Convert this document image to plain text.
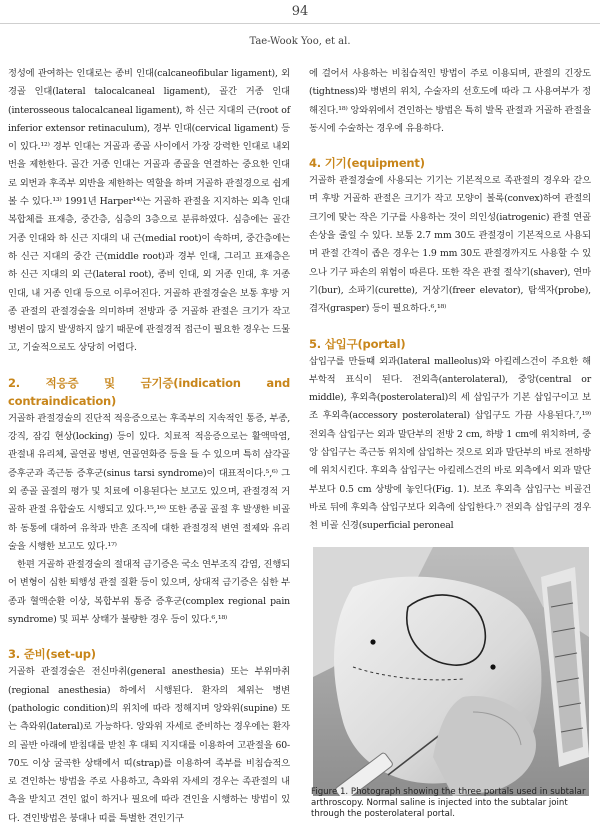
94
Tae-Wook Yoo, et al.

정성에 관여하는 인대로는 종비 인대(calcaneofibular ligament), 외경골 인대(lateral talocalcaneal ligament), 골간 거종 인대(interosseous talocalcaneal ligament), 하 신근 지대의 근(root of inferior extensor retinaculum), 경부 인대(cervical ligament) 등이 있다.¹²⁾ 경부 인대는 거골과 종골 사이에서 가장 강력한 인대로 내외번을 제한한다. 골간 거종 인대는 거골과 종골을 연결하는 중요한 인대로 외번과 후족부 외반을 제한하는 역할을 하며 거골하 관절경으로 쉽게 볼 수 있다.¹³⁾ 1991년 Harper¹⁴⁾는 거골하 관절을 지지하는 외측 인대 복합체를 표재층, 중간층, 심층의 3층으로 분류하였다. 심층에는 골간 거종 인대와 하 신근 지대의 내 근(medial root)이 속하며, 중간층에는 하 신근 지대의 중간 근(middle root)과 경부 인대, 그리고 표재층은 하 신근 지대의 외 근(lateral root), 종비 인대, 외 거종 인대, 후 거종 인대, 내 거종 인대 등으로 이루어진다. 거골하 관절경술은 보통 후방 거종 관절의 관절경술을 의미하며 전방과 중 거골하 관절은 크기가 작고 병변이 많지 발생하지 않기 때문에 관절경적 접근이 필요한 경우는 드물고, 기술적으로도 상당히 어렵다.

2. 적응증 및 금기증(indication and contraindication)

거골하 관절경술의 진단적 적응증으로는 후족부의 지속적인 통증, 부종, 강직, 잠김 현상(locking) 등이 있다. 치료적 적응증으로는 활액막염, 관절내 유리체, 골연골 병변, 연골연화증 등을 들 수 있으며 특히 삼각골 증후군과 족근동 증후군(sinus tarsi syndrome)이 대표적이다.⁵,⁶⁾ 그 외 종골 골절의 평가 및 치료에 이용된다는 보고도 있으며, 관절경적 거골하 관절 유합술도 시행되고 있다.¹⁵,¹⁶⁾ 또한 종골 골절 후 발생한 비골하 동통에 대하여 유착과 반흔 조직에 대한 관절경적 변연 절제와 유리술을 시행한 보고도 있다.¹⁷⁾

한편 거골하 관절경술의 절대적 금기증은 국소 연부조직 감염, 진행되어 변형이 심한 퇴행성 관절 질환 등이 있으며, 상대적 금기증은 심한 부종과 혈액순환 이상, 복합부위 통증 증후군(complex regional pain syndrome) 및 피부 상태가 불량한 경우 등이 있다.⁶,¹⁸⁾

3. 준비(set-up)

거골하 관절경술은 전신마취(general anesthesia) 또는 부위마취(regional anesthesia) 하에서 시행된다. 환자의 체위는 병변(pathologic condition)의 위치에 따라 정해지며 앙와위(supine) 또는 측와위(lateral)로 가능하다. 앙와위 자세로 준비하는 경우에는 환자의 골반 아래에 받침대를 받친 후 대퇴 지지대를 이용하여 고관절을 60-70도 이상 굴곡한 상태에서 띠(strap)를 이용하여 족부를 비침습적으로 견인하는 방법을 주로 사용하고, 측와위 자세의 경우는 족관절의 내측을 받치고 견인 없이 하거나 필요에 따라 견인을 시행하는 방법이 있다. 견인방법은 붕대나 띠를 특별한 견인기구

에 걸어서 사용하는 비침습적인 방법이 주로 이용되며, 관절의 긴장도(tightness)와 병변의 위치, 수술자의 선호도에 따라 그 사용여부가 정해진다.¹⁸⁾ 앙와위에서 견인하는 방법은 특히 발목 관절과 거골하 관절을 동시에 수술하는 경우에 유용하다.

4. 기기(equipment)

거골하 관절경술에 사용되는 기기는 기본적으로 족관절의 경우와 같으며 후방 거골하 관절은 크기가 작고 모양이 볼록(convex)하여 관절의 크기에 맞는 작은 기구를 사용하는 것이 의인성(iatrogenic) 관절 연골 손상을 줄일 수 있다. 보통 2.7 mm 30도 관절경이 기본적으로 사용되며 관절 간격이 좁은 경우는 1.9 mm 30도 관절경까지도 사용할 수 있으나 기구 파손의 위험이 따른다. 또한 작은 관절 절삭기(shaver), 연마기(bur), 소파기(curette), 거상기(freer elevator), 탐색자(probe), 겸자(grasper) 등이 필요하다.⁶,¹⁸⁾

5. 삽입구(portal)

삽입구를 만들때 외과(lateral malleolus)와 아킬레스건이 주요한 해부학적 표식이 된다. 전외측(anterolateral), 중앙(central or middle), 후외측(posterolateral)의 세 삽입구가 기본 삽입구이고 보조 후외측(accessory posterolateral) 삽입구도 가끔 사용된다.⁷,¹⁹⁾ 전외측 삽입구는 외과 말단부의 전방 2 cm, 하방 1 cm에 위치하며, 중앙 삽입구는 족근동 위치에 삽입하는 것으로 외과 말단부의 바로 전하방에 위치시킨다. 후외측 삽입구는 아킬레스건의 바로 외측에서 외과 말단부보다 0.5 cm 상방에 놓인다(Fig. 1). 보조 후외측 삽입구는 비골건 바로 뒤에 후외측 삽입구보다 외측에 삽입한다.⁷⁾ 전외측 삽입구의 경우 천 비골 신경(superficial peroneal

Figure 1. Photograph showing the three portals used in subtalar arthroscopy. Normal saline is injected into the subtalar joint through the posterolateral portal.
